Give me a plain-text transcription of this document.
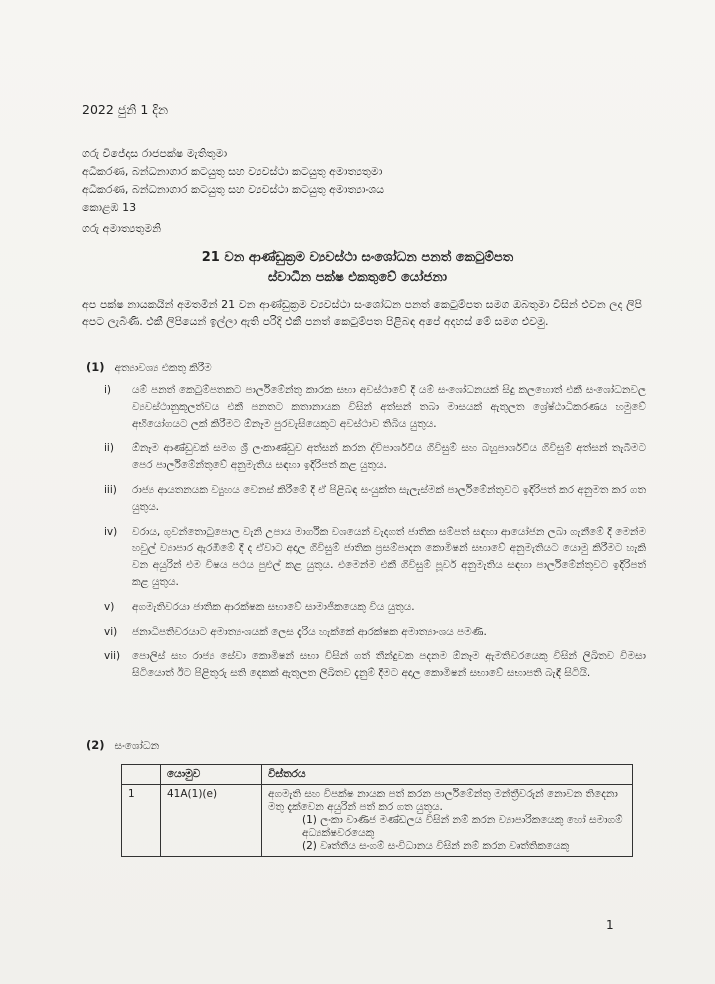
2022 ජුනි 1 දින
ගරු විජේදාස රාජපක්ෂ මැතිතුමා
අධිකරණ, බන්ධනාගාර කටයුතු සහ ව්‍යවස්ථා කටයුතු අමාත්‍යතුමා
අධිකරණ, බන්ධනාගාර කටයුතු සහ ව්‍යවස්ථා කටයුතු අමාත්‍යාංශය
කොළඹ 13
ගරු අමාත්‍යතුමනි
21 වන ආණ්ඩුක්‍රම ව්‍යවස්ථා සංශෝධන පනත් කෙටුම්පත
ස්වාධීන පක්ෂ එකතුවේ යෝජනා
අප පක්ෂ නායකයින් අමතමින් 21 වන ආණ්ඩුක්‍රම ව්‍යවස්ථා සංශෝධන පනත් කෙටුම්පත සමග ඔබතුමා විසින් එවන ලද ලිපි අපට ලැබිණි. එකී ලිපියෙන් ඉල්ලා ඇති පරිදි එකී පනත් කෙටුම්පත පිළිබඳ අපේ අදහස් මේ සමග එවමු.
(1) අත්‍යාවශ්‍ය එකතු කිරීම
i)	යම් පනත් කෙටුම්පතකට පාර්ලිමේන්තු කාරක සභා අවස්ථාවේ දී යම් සංශෝධනයක් සිදු කලහොත් එකී සංශෝධනවල ව්‍යවස්ථානුකූලත්වය එකී පනතට කතානායක විසින් අත්සන් තබා මාසයක් ඇතුලත ශ්‍රේෂ්ඨාධිකරණය හමුවේ අභියෝගයට ලක් කිරීමට ඕනෑම පුරවැසියෙකුට අවස්ථාව තිබිය යුතුය.
ii)	ඕනෑම ආණ්ඩුවක් සමග ශ්‍රී ලංකාණ්ඩුව අත්සන් කරන ද්විපාර්ශවීය ගිවිසුම් සහ බහුපාර්ශවීය ගිවිසුම් අත්සන් තැබීමට පෙර පාර්ලිමේන්තුවේ අනුමැතිය සඳහා ඉදිරිපත් කළ යුතුය.
iii)	රාජ්‍ය ආයතනයක ව්‍යුහය වෙනස් කිරීමේ දී ඒ පිළිබඳ සංයුක්ත සැලැස්මක් පාර්ලිමේන්තුවට ඉදිරිපත් කර අනුමත කර ගත යුතුය.
iv)	වරාය, ගුවන්තොටුපොල වැනි උපාය මාර්ගික වශයෙන් වැදගත් ජාතික සම්පත් සඳහා ආයෝජන ලබා ගැනීමේ දී මෙන්ම හවුල් ව්‍යාපාර ඇරඹීමේ දී ද ඒවාට අදාල ගිවිසුම් ජාතික ප්‍රසම්පාදන කොමිෂන් සභාවේ අනුමැතියට යොමු කිරීමට හැකි වන අයුරින් එම විෂය පථය පුළුල් කළ යුතුය. එමෙන්ම එකී ගිවිසුම් පූර්ව අනුමැතිය සඳහා පාර්ලිමේන්තුවට ඉදිරිපත් කළ යුතුය.
v)	අගමැතිවරයා ජාතික ආරක්ෂක සභාවේ සාමාජිකයෙකු විය යුතුය.
vi)	ජනාධිපතිවරයාට අමාත්‍යංශයක් ලෙස දැරිය හැක්කේ ආරක්ෂක අමාත්‍යාංශය පමණි.
vii)	පොලිස් සහ රාජ්‍ය සේවා කොමිෂන් සභා විසින් ගත් තීන්දුවක පදනම ඕනෑම ඇමතිවරයෙකු විසින් ලිඛිතව විමසා සිටියොත් ඊට පිළිතුරු සති දෙකක් ඇතුලත ලිඛිතව දැනුම් දීමට අදාල කොමිෂන් සභාවේ සභාපති බැඳී සිටියි.
(2) සංශෝධන
	යොමුව	විස්තරය
1	41A(1)(e)	අගමැති සහ විපක්ෂ නායක පත් කරන පාර්ලිමේන්තු මන්ත්‍රීවරුන් නොවන තිදෙනා මතු දැක්වෙන අයුරින් පත් කර ගත යුතුය.
(1) ලංකා වාණිජ මණ්ඩලය විසින් නම් කරන ව්‍යාපාරිකයෙකු හෝ සමාගම් අධ්‍යක්ෂවරයෙකු
(2) වෘත්තීය සංගම් සංවිධානය විසින් නම් කරන වෘත්තිකයෙකු
1
